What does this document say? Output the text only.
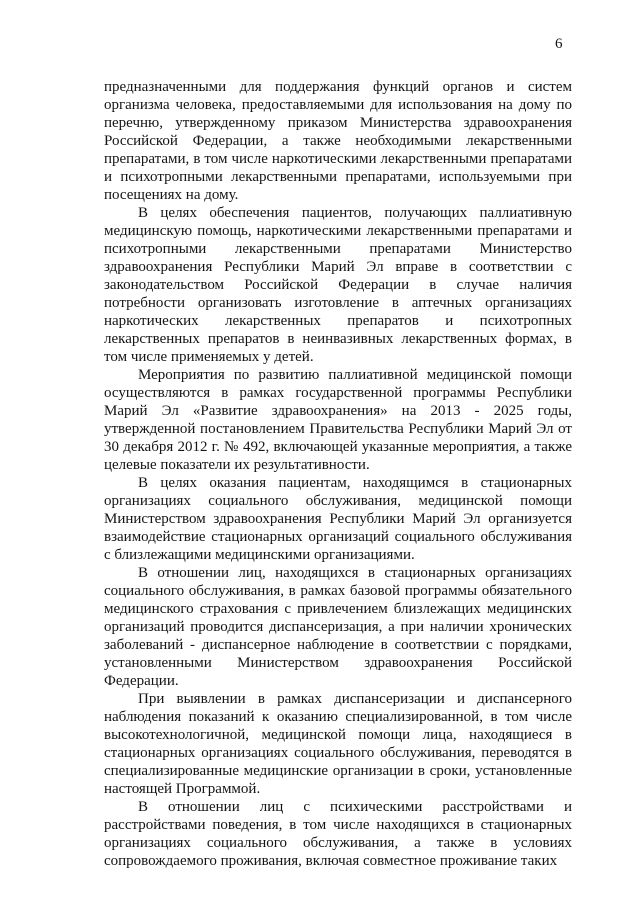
6

предназначенными для поддержания функций органов и систем организма человека, предоставляемыми для использования на дому по перечню, утвержденному приказом Министерства здравоохранения Российской Федерации, а также необходимыми лекарственными препаратами, в том числе наркотическими лекарственными препаратами и психотропными лекарственными препаратами, используемыми при посещениях на дому.

В целях обеспечения пациентов, получающих паллиативную медицинскую помощь, наркотическими лекарственными препаратами и психотропными лекарственными препаратами Министерство здравоохранения Республики Марий Эл вправе в соответствии с законодательством Российской Федерации в случае наличия потребности организовать изготовление в аптечных организациях наркотических лекарственных препаратов и психотропных лекарственных препаратов в неинвазивных лекарственных формах, в том числе применяемых у детей.

Мероприятия по развитию паллиативной медицинской помощи осуществляются в рамках государственной программы Республики Марий Эл «Развитие здравоохранения» на 2013 - 2025 годы, утвержденной постановлением Правительства Республики Марий Эл от 30 декабря 2012 г. № 492, включающей указанные мероприятия, а также целевые показатели их результативности.

В целях оказания пациентам, находящимся в стационарных организациях социального обслуживания, медицинской помощи Министерством здравоохранения Республики Марий Эл организуется взаимодействие стационарных организаций социального обслуживания с близлежащими медицинскими организациями.

В отношении лиц, находящихся в стационарных организациях социального обслуживания, в рамках базовой программы обязательного медицинского страхования с привлечением близлежащих медицинских организаций проводится диспансеризация, а при наличии хронических заболеваний - диспансерное наблюдение в соответствии с порядками, установленными Министерством здравоохранения Российской Федерации.

При выявлении в рамках диспансеризации и диспансерного наблюдения показаний к оказанию специализированной, в том числе высокотехнологичной, медицинской помощи лица, находящиеся в стационарных организациях социального обслуживания, переводятся в специализированные медицинские организации в сроки, установленные настоящей Программой.

В отношении лиц с психическими расстройствами и расстройствами поведения, в том числе находящихся в стационарных организациях социального обслуживания, а также в условиях сопровождаемого проживания, включая совместное проживание таких
